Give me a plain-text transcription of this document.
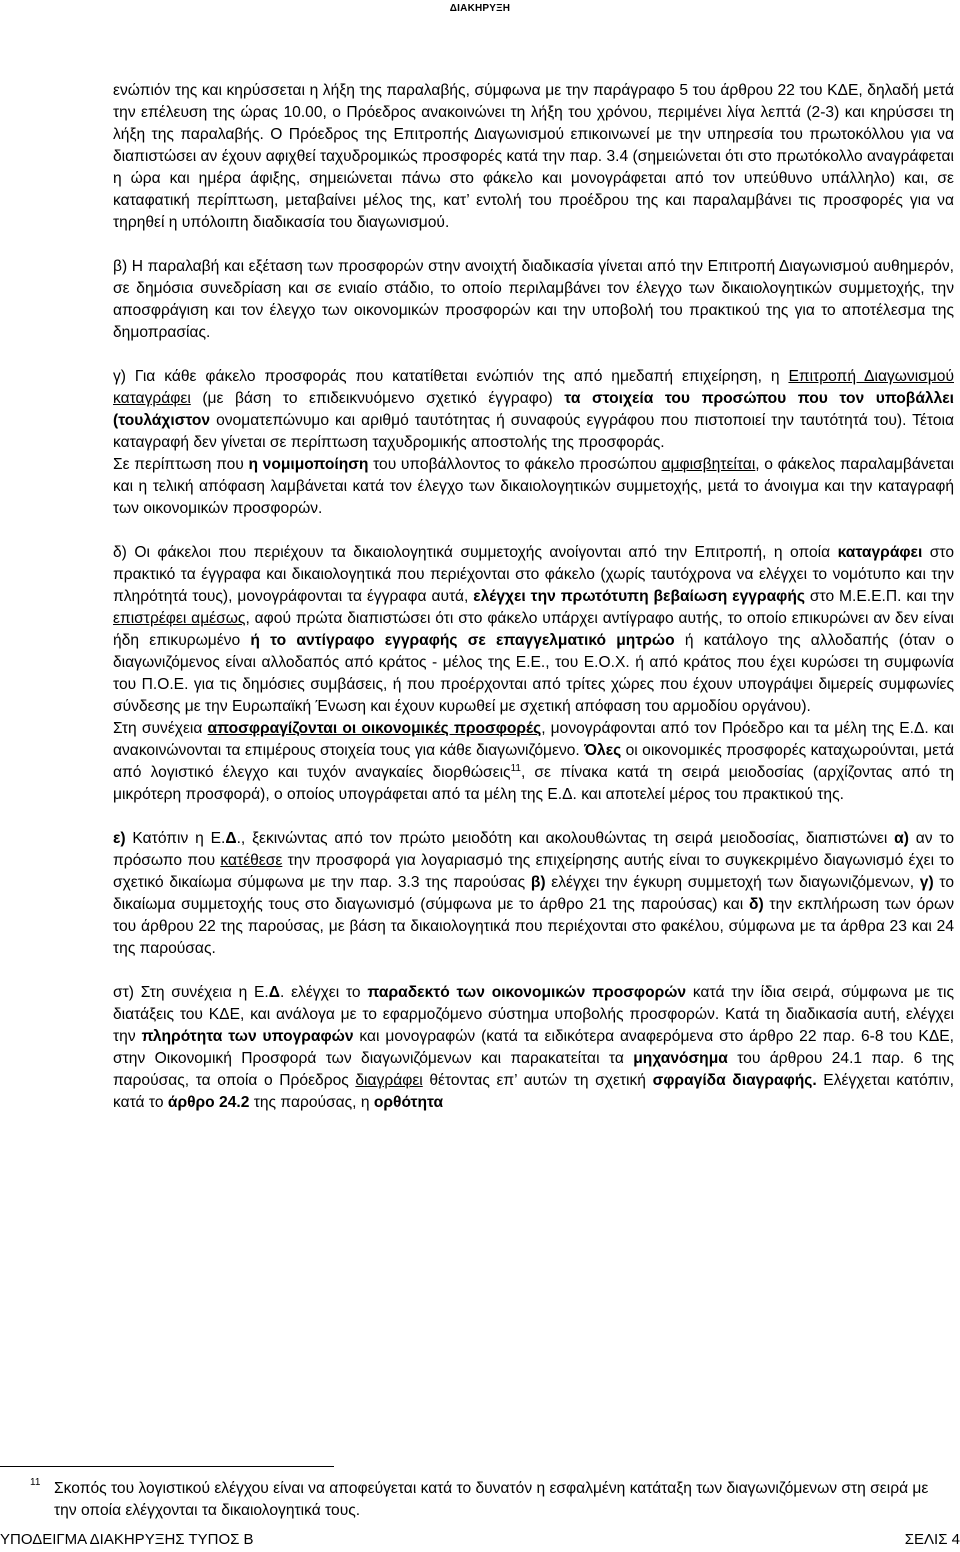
ΔΙΑΚΗΡΥΞΗ

ενώπιόν της και κηρύσσεται η λήξη της παραλαβής, σύμφωνα με την παράγραφο 5 του άρθρου 22 του ΚΔΕ, δηλαδή μετά την επέλευση της ώρας 10.00, ο Πρόεδρος ανακοινώνει τη λήξη του χρόνου, περιμένει λίγα λεπτά (2-3) και κηρύσσει τη λήξη της παραλαβής. Ο Πρόεδρος της Επιτροπής Διαγωνισμού επικοινωνεί με την υπηρεσία του πρωτοκόλλου για να διαπιστώσει αν έχουν αφιχθεί ταχυδρομικώς προσφορές κατά την παρ. 3.4 (σημειώνεται ότι στο πρωτόκολλο αναγράφεται η ώρα και ημέρα άφιξης, σημειώνεται πάνω στο φάκελο και μονογράφεται από τον υπεύθυνο υπάλληλο) και, σε καταφατική περίπτωση, μεταβαίνει μέλος της, κατ’ εντολή του προέδρου της και παραλαμβάνει τις προσφορές για να τηρηθεί η υπόλοιπη διαδικασία του διαγωνισμού.

β) Η παραλαβή και εξέταση των προσφορών στην ανοιχτή διαδικασία γίνεται από την Επιτροπή Διαγωνισμού αυθημερόν, σε δημόσια συνεδρίαση και σε ενιαίο στάδιο, το οποίο περιλαμβάνει τον έλεγχο των δικαιολογητικών συμμετοχής, την αποσφράγιση και τον έλεγχο των οικονομικών προσφορών και την υποβολή του πρακτικού της για το αποτέλεσμα της δημοπρασίας.

γ) Για κάθε φάκελο προσφοράς που κατατίθεται ενώπιόν της από ημεδαπή επιχείρηση, η Επιτροπή Διαγωνισμού καταγράφει (με βάση το επιδεικνυόμενο σχετικό έγγραφο) τα στοιχεία του προσώπου που τον υποβάλλει (τουλάχιστον ονοματεπώνυμο και αριθμό ταυτότητας ή συναφούς εγγράφου που πιστοποιεί την ταυτότητά του). Τέτοια καταγραφή δεν γίνεται σε περίπτωση ταχυδρομικής αποστολής της προσφοράς.

Σε περίπτωση που η νομιμοποίηση του υποβάλλοντος το φάκελο προσώπου αμφισβητείται, ο φάκελος παραλαμβάνεται και η τελική απόφαση λαμβάνεται κατά τον έλεγχο των δικαιολογητικών συμμετοχής, μετά το άνοιγμα και την καταγραφή των οικονομικών προσφορών.

δ) Οι φάκελοι που περιέχουν τα δικαιολογητικά συμμετοχής ανοίγονται από την Επιτροπή, η οποία καταγράφει στο πρακτικό τα έγγραφα και δικαιολογητικά που περιέχονται στο φάκελο (χωρίς ταυτόχρονα να ελέγχει το νομότυπο και την πληρότητά τους), μονογράφονται τα έγγραφα αυτά, ελέγχει την πρωτότυπη βεβαίωση εγγραφής στο Μ.Ε.Ε.Π. και την επιστρέφει αμέσως, αφού πρώτα διαπιστώσει ότι στο φάκελο υπάρχει αντίγραφο αυτής, το οποίο επικυρώνει αν δεν είναι ήδη επικυρωμένο ή το αντίγραφο εγγραφής σε επαγγελματικό μητρώο ή κατάλογο της αλλοδαπής (όταν ο διαγωνιζόμενος είναι αλλοδαπός από κράτος - μέλος της Ε.Ε., του Ε.Ο.Χ. ή από κράτος που έχει κυρώσει τη συμφωνία του Π.Ο.Ε. για τις δημόσιες συμβάσεις, ή που προέρχονται από τρίτες χώρες που έχουν υπογράψει διμερείς συμφωνίες σύνδεσης με την Ευρωπαϊκή Ένωση και έχουν κυρωθεί με σχετική απόφαση του αρμοδίου οργάνου).

Στη συνέχεια αποσφραγίζονται οι οικονομικές προσφορές, μονογράφονται από τον Πρόεδρο και τα μέλη της Ε.Δ. και ανακοινώνονται τα επιμέρους στοιχεία τους για κάθε διαγωνιζόμενο. Όλες οι οικονομικές προσφορές καταχωρούνται, μετά από λογιστικό έλεγχο και τυχόν αναγκαίες διορθώσεις$^{11}$, σε πίνακα κατά τη σειρά μειοδοσίας (αρχίζοντας από τη μικρότερη προσφορά), ο οποίος υπογράφεται από τα μέλη της Ε.Δ. και αποτελεί μέρος του πρακτικού της.

ε) Κατόπιν η Ε.Δ., ξεκινώντας από τον πρώτο μειοδότη και ακολουθώντας τη σειρά μειοδοσίας, διαπιστώνει α) αν το πρόσωπο που κατέθεσε την προσφορά για λογαριασμό της επιχείρησης αυτής είναι το συγκεκριμένο διαγωνισμό έχει το σχετικό δικαίωμα σύμφωνα με την παρ. 3.3 της παρούσας β) ελέγχει την έγκυρη συμμετοχή των διαγωνιζόμενων, γ) το δικαίωμα συμμετοχής τους στο διαγωνισμό (σύμφωνα με το άρθρο 21 της παρούσας) και δ) την εκπλήρωση των όρων του άρθρου 22 της παρούσας, με βάση τα δικαιολογητικά που περιέχονται στο φακέλου, σύμφωνα με τα άρθρα 23 και 24 της παρούσας.

στ) Στη συνέχεια η Ε.Δ. ελέγχει το παραδεκτό των οικονομικών προσφορών κατά την ίδια σειρά, σύμφωνα με τις διατάξεις του ΚΔΕ, και ανάλογα με το εφαρμοζόμενο σύστημα υποβολής προσφορών. Κατά τη διαδικασία αυτή, ελέγχει την πληρότητα των υπογραφών και μονογραφών (κατά τα ειδικότερα αναφερόμενα στο άρθρο 22 παρ. 6-8 του ΚΔΕ, στην Οικονομική Προσφορά των διαγωνιζόμενων και παρακατείται τα μηχανόσημα του άρθρου 24.1 παρ. 6 της παρούσας, τα οποία ο Πρόεδρος διαγράφει θέτοντας επ’ αυτών τη σχετική σφραγίδα διαγραφής. Ελέγχεται κατόπιν, κατά το άρθρο 24.2 της παρούσας, η ορθότητα

11 Σκοπός του λογιστικού ελέγχου είναι να αποφεύγεται κατά το δυνατόν η εσφαλμένη κατάταξη των διαγωνιζόμενων στη σειρά με την οποία ελέγχονται τα δικαιολογητικά τους.
ΥΠΟΔΕΙΓΜΑ ΔΙΑΚΗΡΥΞΗΣ ΤΥΠΟΣ Β	ΣΕΛΙΣ 4
